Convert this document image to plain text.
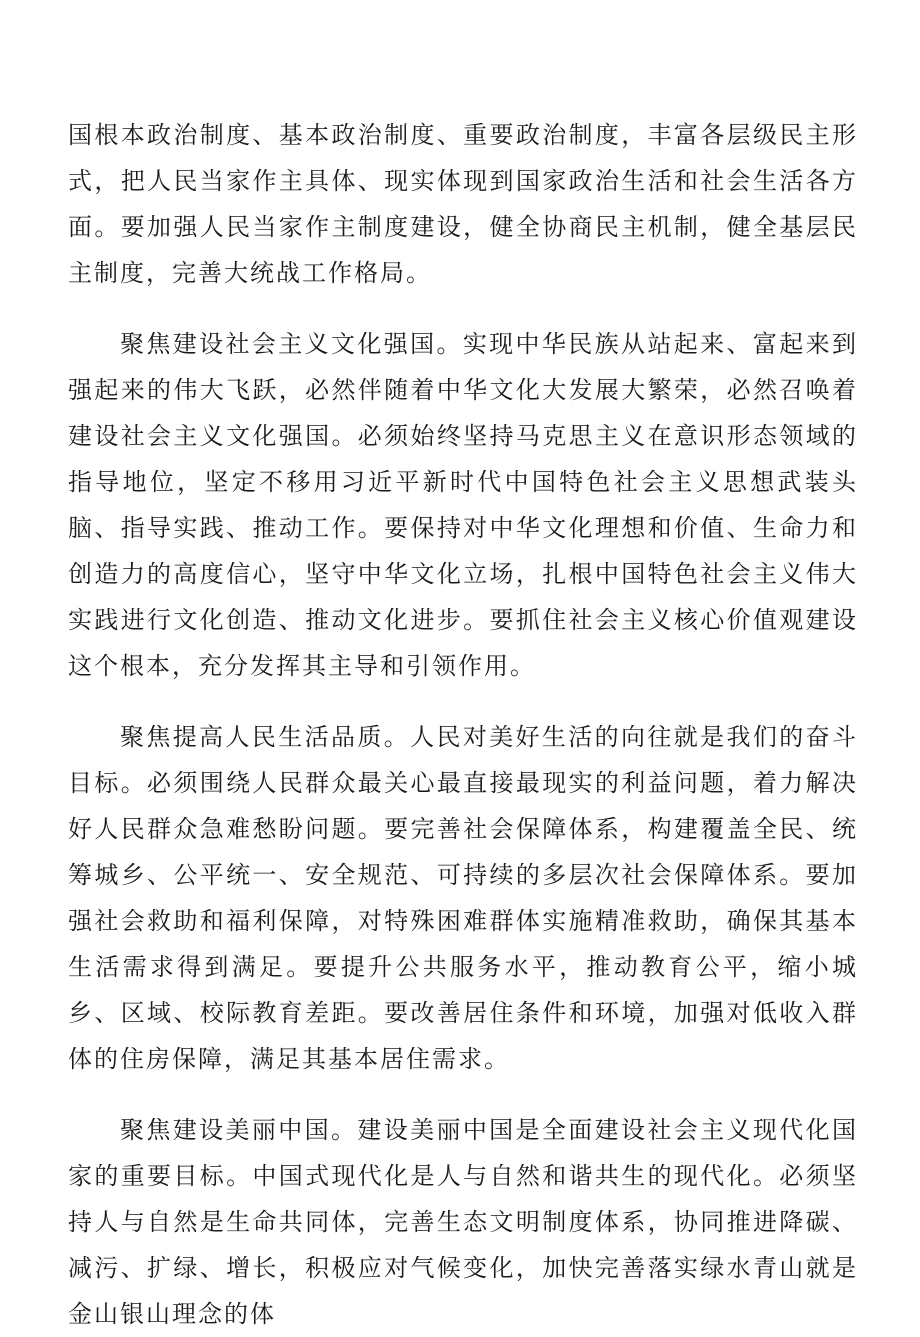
国根本政治制度、基本政治制度、重要政治制度，丰富各层级民主形式，把人民当家作主具体、现实体现到国家政治生活和社会生活各方面。要加强人民当家作主制度建设，健全协商民主机制，健全基层民主制度，完善大统战工作格局。

聚焦建设社会主义文化强国。实现中华民族从站起来、富起来到强起来的伟大飞跃，必然伴随着中华文化大发展大繁荣，必然召唤着建设社会主义文化强国。必须始终坚持马克思主义在意识形态领域的指导地位，坚定不移用习近平新时代中国特色社会主义思想武装头脑、指导实践、推动工作。要保持对中华文化理想和价值、生命力和创造力的高度信心，坚守中华文化立场，扎根中国特色社会主义伟大实践进行文化创造、推动文化进步。要抓住社会主义核心价值观建设这个根本，充分发挥其主导和引领作用。

聚焦提高人民生活品质。人民对美好生活的向往就是我们的奋斗目标。必须围绕人民群众最关心最直接最现实的利益问题，着力解决好人民群众急难愁盼问题。要完善社会保障体系，构建覆盖全民、统筹城乡、公平统一、安全规范、可持续的多层次社会保障体系。要加强社会救助和福利保障，对特殊困难群体实施精准救助，确保其基本生活需求得到满足。要提升公共服务水平，推动教育公平，缩小城乡、区域、校际教育差距。要改善居住条件和环境，加强对低收入群体的住房保障，满足其基本居住需求。

聚焦建设美丽中国。建设美丽中国是全面建设社会主义现代化国家的重要目标。中国式现代化是人与自然和谐共生的现代化。必须坚持人与自然是生命共同体，完善生态文明制度体系，协同推进降碳、减污、扩绿、增长，积极应对气候变化，加快完善落实绿水青山就是金山银山理念的体
